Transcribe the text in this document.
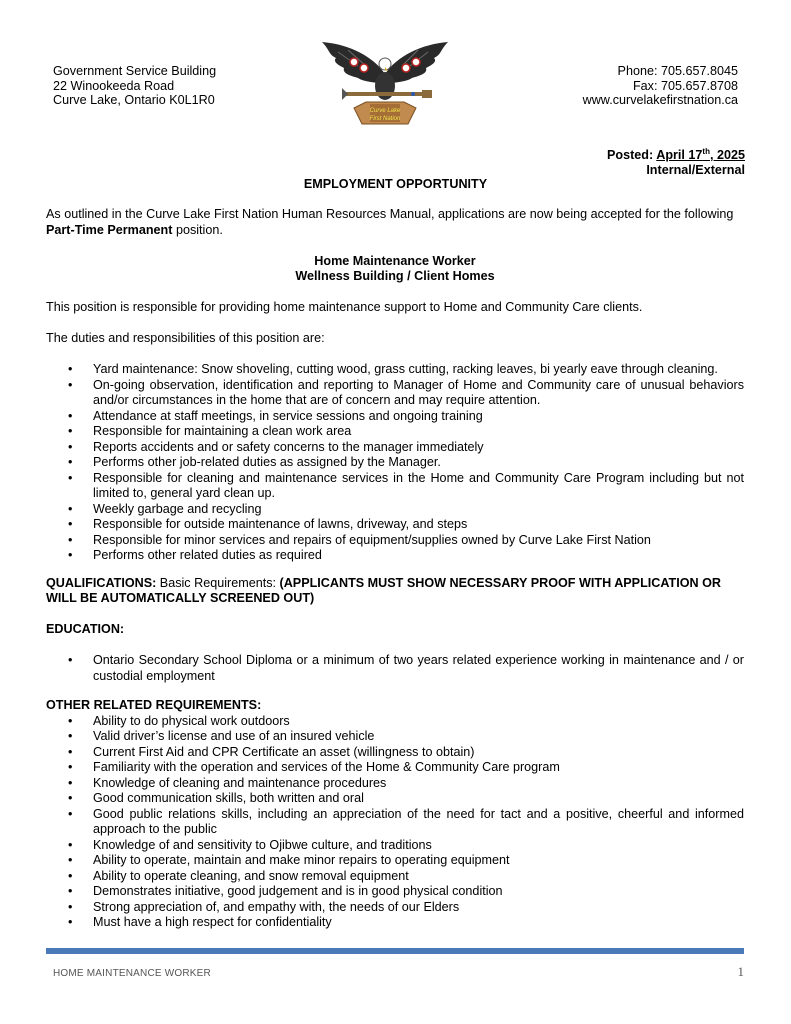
Government Service Building
22 Winookeeda Road
Curve Lake, Ontario K0L1R0
Curve Lake
First Nation
Phone: 705.657.8045
Fax: 705.657.8708
www.curvelakefirstnation.ca
Posted: April 17th, 2025
Internal/External
EMPLOYMENT OPPORTUNITY

As outlined in the Curve Lake First Nation Human Resources Manual, applications are now being accepted for the following Part-Time Permanent position.

Home Maintenance Worker

Wellness Building / Client Homes

This position is responsible for providing home maintenance support to Home and Community Care clients.

The duties and responsibilities of this position are:

• Yard maintenance: Snow shoveling, cutting wood, grass cutting, racking leaves, bi yearly eave through cleaning.
• On-going observation, identification and reporting to Manager of Home and Community care of unusual behaviors and/or circumstances in the home that are of concern and may require attention.
• Attendance at staff meetings, in service sessions and ongoing training
• Responsible for maintaining a clean work area
• Reports accidents and or safety concerns to the manager immediately
• Performs other job-related duties as assigned by the Manager.
• Responsible for cleaning and maintenance services in the Home and Community Care Program including but not limited to, general yard clean up.
• Weekly garbage and recycling
• Responsible for outside maintenance of lawns, driveway, and steps
• Responsible for minor services and repairs of equipment/supplies owned by Curve Lake First Nation
• Performs other related duties as required

QUALIFICATIONS: Basic Requirements: (APPLICANTS MUST SHOW NECESSARY PROOF WITH APPLICATION OR WILL BE AUTOMATICALLY SCREENED OUT)

EDUCATION:

• Ontario Secondary School Diploma or a minimum of two years related experience working in maintenance and / or custodial employment

OTHER RELATED REQUIREMENTS:

• Ability to do physical work outdoors
• Valid driver’s license and use of an insured vehicle
• Current First Aid and CPR Certificate an asset (willingness to obtain)
• Familiarity with the operation and services of the Home & Community Care program
• Knowledge of cleaning and maintenance procedures
• Good communication skills, both written and oral
• Good public relations skills, including an appreciation of the need for tact and a positive, cheerful and informed approach to the public
• Knowledge of and sensitivity to Ojibwe culture, and traditions
• Ability to operate, maintain and make minor repairs to operating equipment
• Ability to operate cleaning, and snow removal equipment
• Demonstrates initiative, good judgement and is in good physical condition
• Strong appreciation of, and empathy with, the needs of our Elders
• Must have a high respect for confidentiality
HOME MAINTENANCE WORKER	1
